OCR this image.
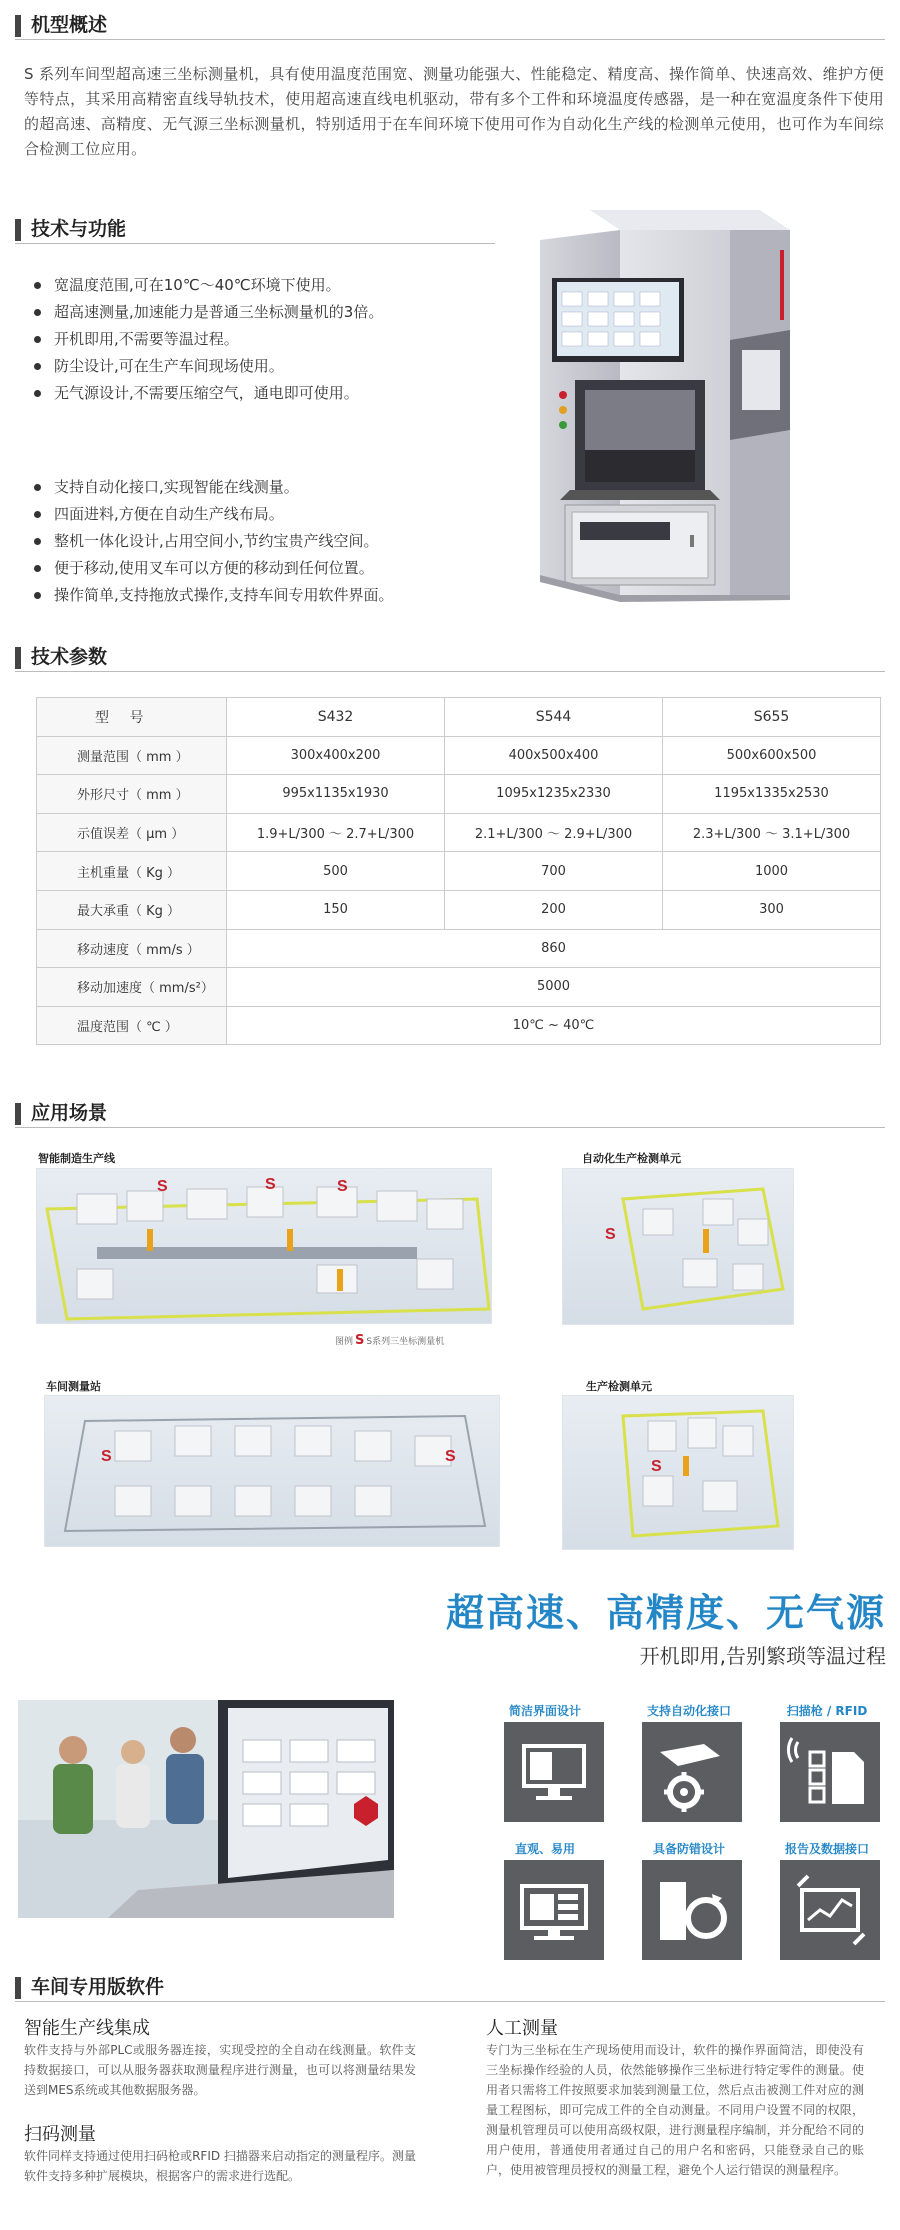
机型概述

S 系列车间型超高速三坐标测量机，具有使用温度范围宽、测量功能强大、性能稳定、精度高、操作简单、快速高效、维护方便等特点，其采用高精密直线导轨技术，使用超高速直线电机驱动，带有多个工件和环境温度传感器，是一种在宽温度条件下使用的超高速、高精度、无气源三坐标测量机，特别适用于在车间环境下使用可作为自动化生产线的检测单元使用，也可作为车间综合检测工位应用。

技术与功能
宽温度范围,可在10℃～40℃环境下使用。
超高速测量,加速能力是普通三坐标测量机的3倍。
开机即用,不需要等温过程。
防尘设计,可在生产车间现场使用。
无气源设计,不需要压缩空气，通电即可使用。
支持自动化接口,实现智能在线测量。
四面进料,方便在自动生产线布局。
整机一体化设计,占用空间小,节约宝贵产线空间。
便于移动,使用叉车可以方便的移动到任何位置。
操作简单,支持拖放式操作,支持车间专用软件界面。
技术参数
型 号	S432	S544	S655
测量范围（ mm ）	300x400x200	400x500x400	500x600x500
外形尺寸（ mm ）	995x1135x1930	1095x1235x2330	1195x1335x2530
示值误差（ μm ）	1.9+L/300 ～ 2.7+L/300	2.1+L/300 ～ 2.9+L/300	2.3+L/300 ～ 3.1+L/300
主机重量（ Kg ）	500	700	1000
最大承重（ Kg ）	150	200	300
移动速度（ mm/s ）	860		
移动加速度（ mm/s²）	5000		
温度范围（ ℃ ）	10℃ ~ 40℃		
应用场景
智能制造生产线
S	S	S
图例 S S系列三坐标测量机
自动化生产检测单元
S
车间测量站
S	S
生产检测单元
S
超高速、高精度、无气源
开机即用,告别繁琐等温过程
简洁界面设计	支持自动化接口	扫描枪 / RFID
直观、易用	具备防错设计	报告及数据接口
车间专用版软件
智能生产线集成
软件支持与外部PLC或服务器连接，实现受控的全自动在线测量。软件支持数据接口，可以从服务器获取测量程序进行测量，也可以将测量结果发送到MES系统或其他数据服务器。
扫码测量
软件同样支持通过使用扫码枪或RFID 扫描器来启动指定的测量程序。测量软件支持多种扩展模块，根据客户的需求进行选配。
人工测量
专门为三坐标在生产现场使用而设计，软件的操作界面简洁，即使没有三坐标操作经验的人员，依然能够操作三坐标进行特定零件的测量。使用者只需将工件按照要求加装到测量工位，然后点击被测工件对应的测量工程图标，即可完成工件的全自动测量。不同用户设置不同的权限，测量机管理员可以使用高级权限，进行测量程序编制，并分配给不同的用户使用，普通使用者通过自己的用户名和密码，只能登录自己的账户，使用被管理员授权的测量工程，避免个人运行错误的测量程序。
